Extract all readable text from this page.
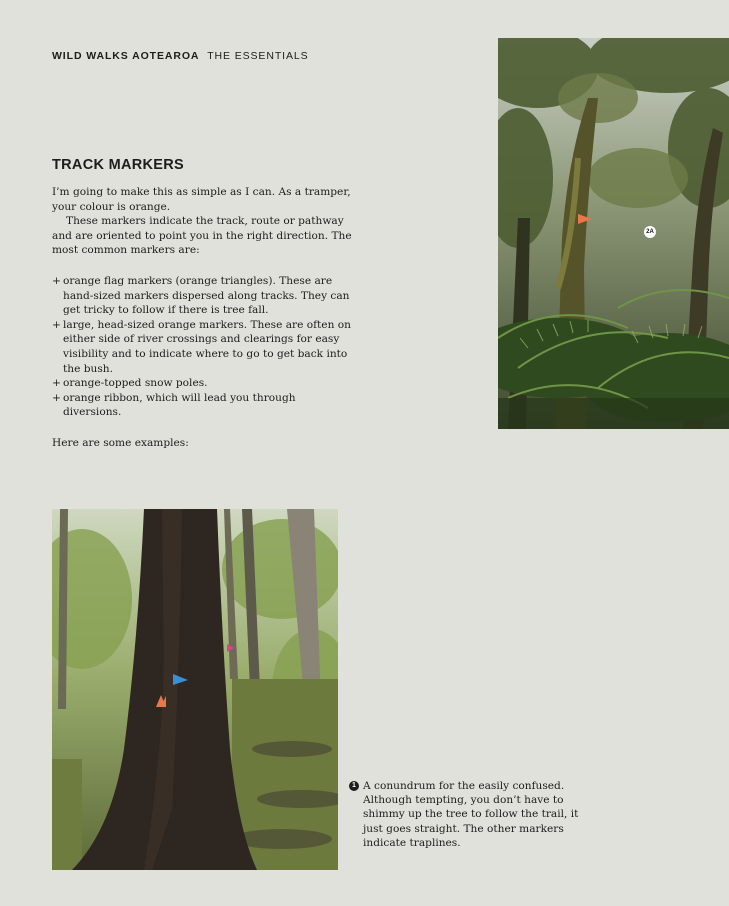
WILD WALKS AOTEAROA THE ESSENTIALS
TRACK MARKERS

I’m going to make this as simple as I can. As a tramper, your colour is orange.

These markers indicate the track, route or pathway and are oriented to point you in the right direction. The most common markers are:

+ orange flag markers (orange triangles). These are hand-sized markers dispersed along tracks. They can get tricky to follow if there is tree fall.
+ large, head-sized orange markers. These are often on either side of river crossings and clearings for easy visibility and to indicate where to go to get back into the bush.
+ orange-topped snow poles.
+ orange ribbon, which will lead you through diversions.

Here are some examples:

2A
1 A conundrum for the easily confused. Although tempting, you don’t have to shimmy up the tree to follow the trail, it just goes straight. The other markers indicate traplines.
